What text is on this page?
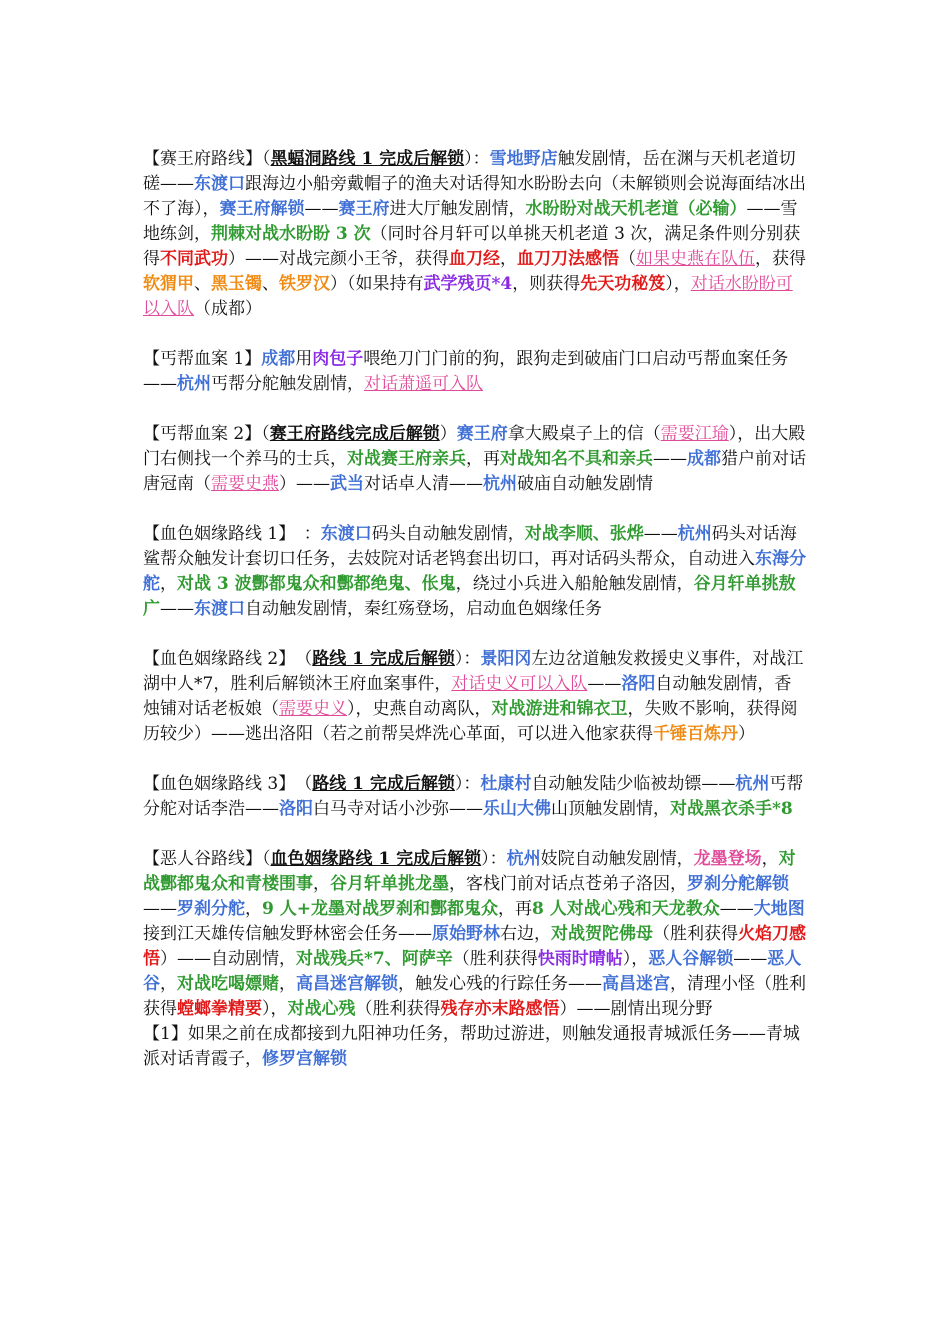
【赛王府路线】（黑蝠洞路线 1 完成后解锁）：雪地野店触发剧情，岳在渊与天机老道切磋——东渡口跟海边小船旁戴帽子的渔夫对话得知水盼盼去向（未解锁则会说海面结冰出不了海），赛王府解锁——赛王府进大厅触发剧情，水盼盼对战天机老道（必输）——雪地练剑，荆棘对战水盼盼 3 次（同时谷月轩可以单挑天机老道 3 次，满足条件则分别获得不同武功）——对战完颜小王爷，获得血刀经，血刀刀法感悟（如果史燕在队伍，获得软猬甲、黑玉镯、铁罗汉）（如果持有武学残页*4，则获得先天功秘笈），对话水盼盼可以入队（成都）

【丐帮血案 1】成都用肉包子喂绝刀门门前的狗，跟狗走到破庙门口启动丐帮血案任务——杭州丐帮分舵触发剧情，对话萧遥可入队

【丐帮血案 2】（赛王府路线完成后解锁）赛王府拿大殿桌子上的信（需要江瑜），出大殿门右侧找一个养马的士兵，对战赛王府亲兵，再对战知名不具和亲兵——成都猎户前对话唐冠南（需要史燕）——武当对话卓人清——杭州破庙自动触发剧情

【血色姻缘路线 1】　：东渡口码头自动触发剧情，对战李顺、张烨——杭州码头对话海鲨帮众触发计套切口任务，去妓院对话老鸨套出切口，再对话码头帮众，自动进入东海分舵，对战 3 波酆都鬼众和酆都绝鬼、伥鬼，绕过小兵进入船舱触发剧情，谷月轩单挑敖广——东渡口自动触发剧情，秦红殇登场，启动血色姻缘任务

【血色姻缘路线 2】　（路线 1 完成后解锁）：景阳冈左边岔道触发救援史义事件，对战江湖中人*7，胜利后解锁沐王府血案事件，对话史义可以入队——洛阳自动触发剧情，香烛铺对话老板娘（需要史义），史燕自动离队，对战游进和锦衣卫，失败不影响，获得阅历较少）——逃出洛阳（若之前帮吴烨洗心革面，可以进入他家获得千锤百炼丹）

【血色姻缘路线 3】　（路线 1 完成后解锁）：杜康村自动触发陆少临被劫镖——杭州丐帮分舵对话李浩——洛阳白马寺对话小沙弥——乐山大佛山顶触发剧情，对战黑衣杀手*8

【恶人谷路线】（血色姻缘路线 1 完成后解锁）：杭州妓院自动触发剧情，龙墨登场，对战酆都鬼众和青楼围事，谷月轩单挑龙墨，客栈门前对话点苍弟子洛因，罗刹分舵解锁——罗刹分舵，9 人+龙墨对战罗刹和酆都鬼众，再8 人对战心残和天龙教众——大地图接到江天雄传信触发野林密会任务——原始野林右边，对战贺陀佛母（胜利获得火焰刀感悟）——自动剧情，对战残兵*7、阿萨辛（胜利获得快雨时晴帖），恶人谷解锁——恶人谷，对战吃喝嫖赌，高昌迷宫解锁，触发心残的行踪任务——高昌迷宫，清理小怪（胜利获得螳螂拳精要），对战心残（胜利获得残存亦末路感悟）——剧情出现分野

【1】如果之前在成都接到九阳神功任务，帮助过游进，则触发通报青城派任务——青城派对话青霞子，修罗宫解锁
